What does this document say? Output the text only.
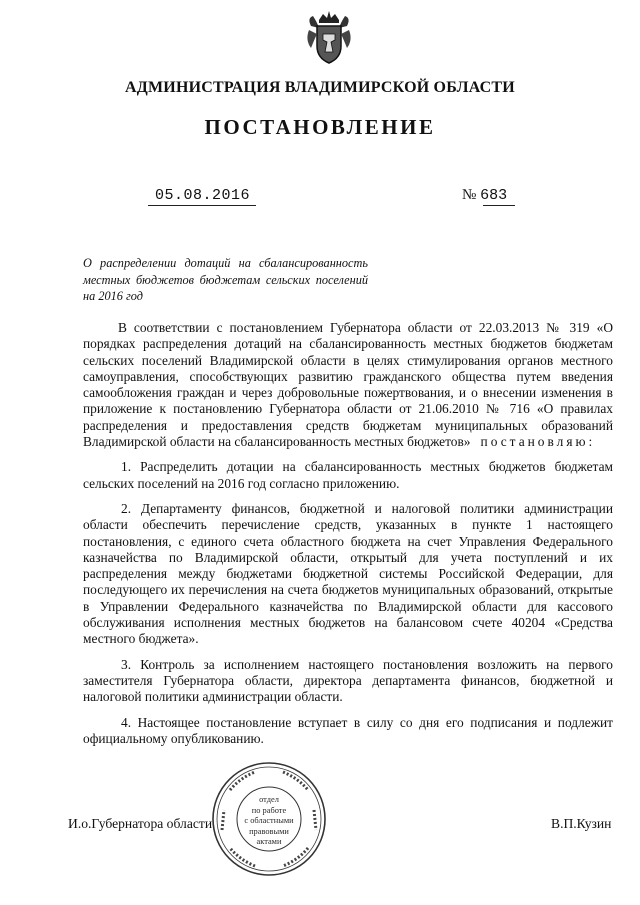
АДМИНИСТРАЦИЯ ВЛАДИМИРСКОЙ ОБЛАСТИ
ПОСТАНОВЛЕНИЕ
05.08.2016	№ 683
О распределении дотаций на сбалансированность местных бюджетов бюджетам сельских поселений на 2016 год

В соответствии с постановлением Губернатора области от 22.03.2013 № 319 «О порядках распределения дотаций на сбалансированность местных бюджетов бюджетам сельских поселений Владимирской области в целях стимулирования органов местного самоуправления, способствующих развитию гражданского общества путем введения самообложения граждан и через добровольные пожертвования, и о внесении изменения в приложение к постановлению Губернатора области от 21.06.2010 № 716 «О правилах распределения и предоставления средств бюджетам муниципальных образований Владимирской области на сбалансированность местных бюджетов» постановляю:

1. Распределить дотации на сбалансированность местных бюджетов бюджетам сельских поселений на 2016 год согласно приложению.

2. Департаменту финансов, бюджетной и налоговой политики администрации области обеспечить перечисление средств, указанных в пункте 1 настоящего постановления, с единого счета областного бюджета на счет Управления Федерального казначейства по Владимирской области, открытый для учета поступлений и их распределения между бюджетами бюджетной системы Российской Федерации, для последующего их перечисления на счета бюджетов муниципальных образований, открытые в Управлении Федерального казначейства по Владимирской области для кассового обслуживания исполнения местных бюджетов на балансовом счете 40204 «Средства местного бюджета».

3. Контроль за исполнением настоящего постановления возложить на первого заместителя Губернатора области, директора департамента финансов, бюджетной и налоговой политики администрации области.

4. Настоящее постановление вступает в силу со дня его подписания и подлежит официальному опубликованию.

И.о.Губернатора области	В.П.Кузин
отдел
по работе
с областными
правовыми
актами
